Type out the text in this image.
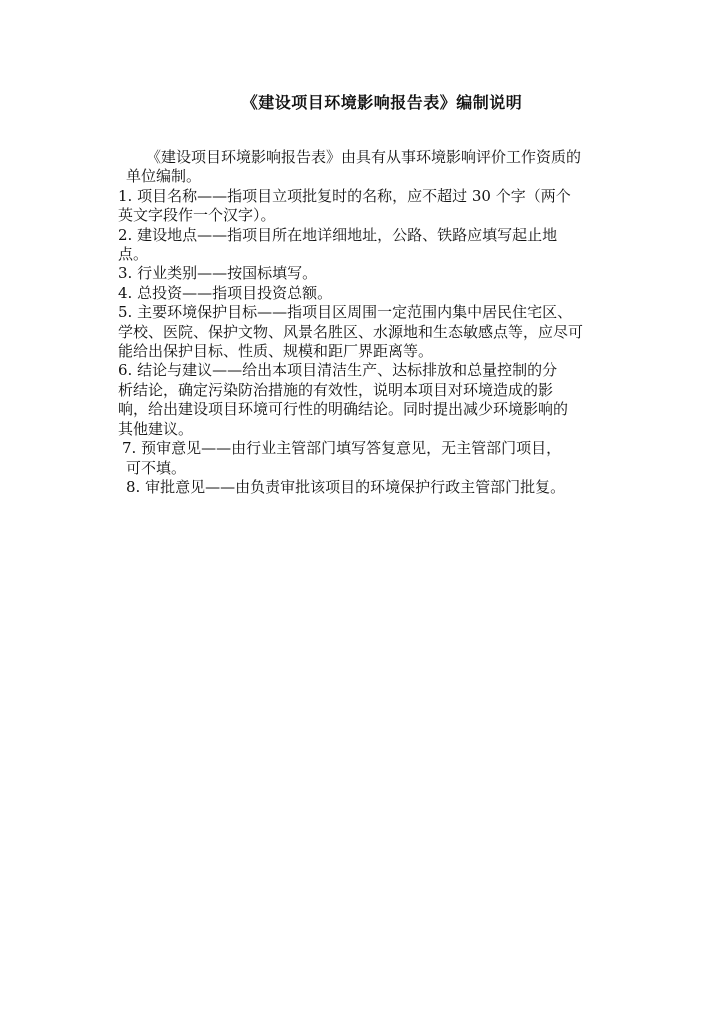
《建设项目环境影响报告表》编制说明
《建设项目环境影响报告表》由具有从事环境影响评价工作资质的
单位编制。
1. 项目名称——指项目立项批复时的名称，应不超过 30 个字（两个
英文字段作一个汉字）。
2. 建设地点——指项目所在地详细地址，公路、铁路应填写起止地
点。
3. 行业类别——按国标填写。
4. 总投资——指项目投资总额。
5. 主要环境保护目标——指项目区周围一定范围内集中居民住宅区、
学校、医院、保护文物、风景名胜区、水源地和生态敏感点等，应尽可
能给出保护目标、性质、规模和距厂界距离等。
6. 结论与建议——给出本项目清洁生产、达标排放和总量控制的分
析结论，确定污染防治措施的有效性，说明本项目对环境造成的影
响，给出建设项目环境可行性的明确结论。同时提出减少环境影响的
其他建议。
7. 预审意见——由行业主管部门填写答复意见，无主管部门项目，
可不填。
8. 审批意见——由负责审批该项目的环境保护行政主管部门批复。
